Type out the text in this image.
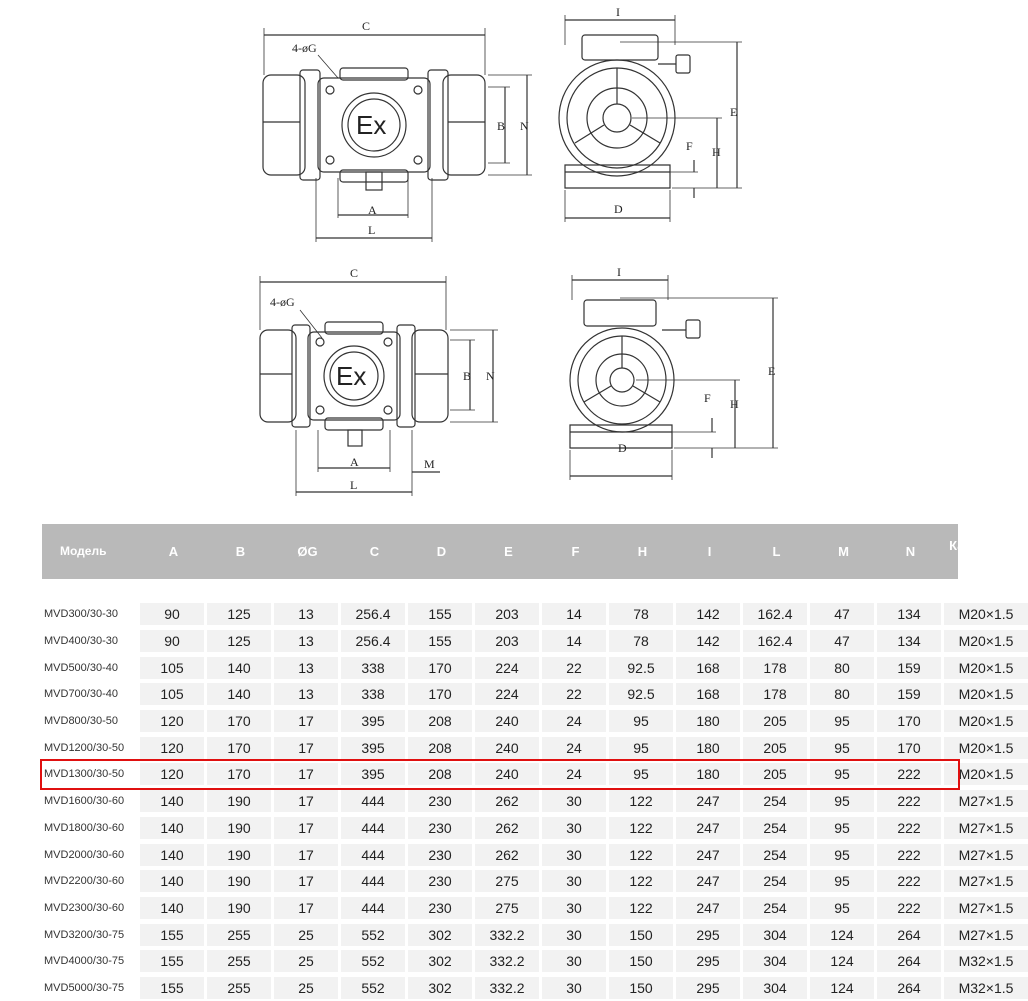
C
4-øG
Ex	B N
A
L
I
E
H
F
D
C
4-øG
Ex	B N
A
L
M
I
E
H
F
D
Модель	A	B	ØG	C	D	E	F	H	I	L	M	N	Кабельный ввод
MVD300/30-30	90	125	13	256.4	155	203	14	78	142	162.4	47	134	M20×1.5
MVD400/30-30	90	125	13	256.4	155	203	14	78	142	162.4	47	134	M20×1.5
MVD500/30-40	105	140	13	338	170	224	22	92.5	168	178	80	159	M20×1.5
MVD700/30-40	105	140	13	338	170	224	22	92.5	168	178	80	159	M20×1.5
MVD800/30-50	120	170	17	395	208	240	24	95	180	205	95	170	M20×1.5
MVD1200/30-50	120	170	17	395	208	240	24	95	180	205	95	170	M20×1.5
MVD1300/30-50	120	170	17	395	208	240	24	95	180	205	95	222	M20×1.5
MVD1600/30-60	140	190	17	444	230	262	30	122	247	254	95	222	M27×1.5
MVD1800/30-60	140	190	17	444	230	262	30	122	247	254	95	222	M27×1.5
MVD2000/30-60	140	190	17	444	230	262	30	122	247	254	95	222	M27×1.5
MVD2200/30-60	140	190	17	444	230	275	30	122	247	254	95	222	M27×1.5
MVD2300/30-60	140	190	17	444	230	275	30	122	247	254	95	222	M27×1.5
MVD3200/30-75	155	255	25	552	302	332.2	30	150	295	304	124	264	M27×1.5
MVD4000/30-75	155	255	25	552	302	332.2	30	150	295	304	124	264	M32×1.5
MVD5000/30-75	155	255	25	552	302	332.2	30	150	295	304	124	264	M32×1.5
